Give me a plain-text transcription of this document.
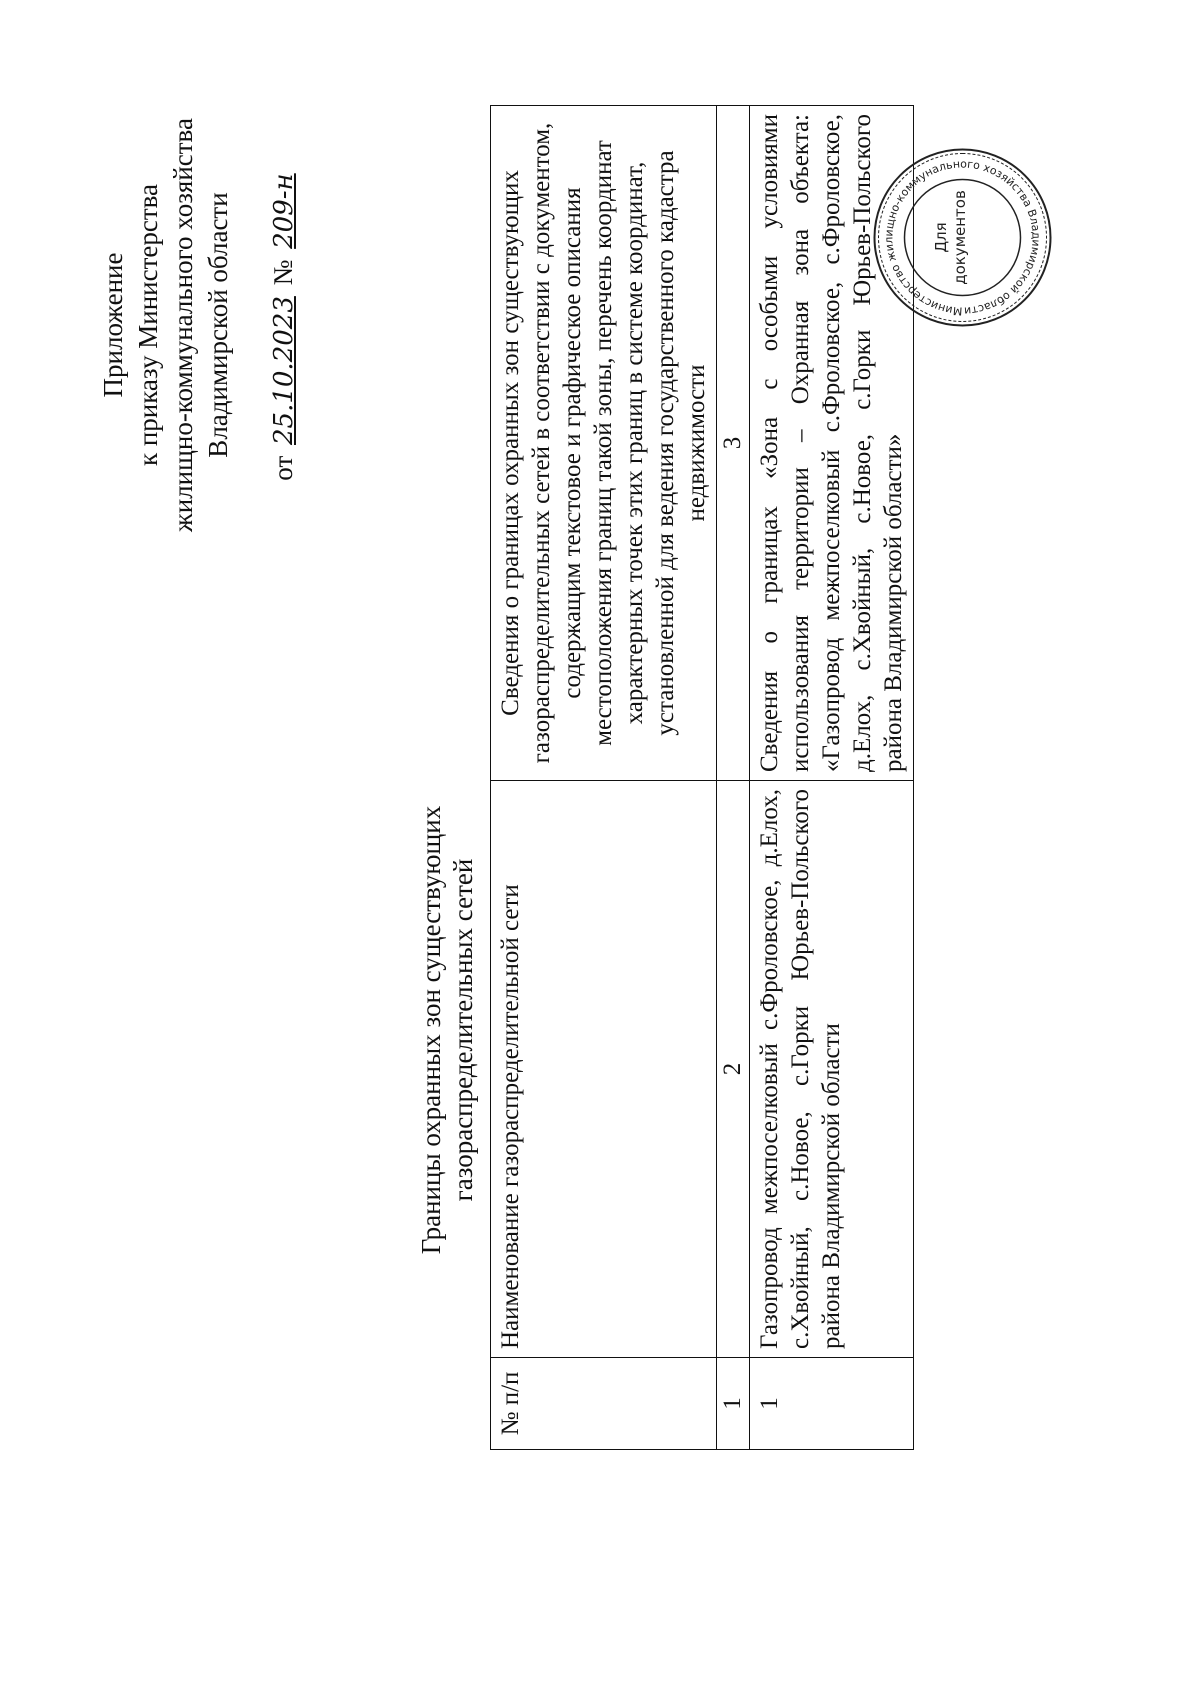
Приложение к приказу Министерства жилищно-коммунального хозяйства Владимирской области
от 25.10.2023 № 209-н
Границы охранных зон существующих газораспределительных сетей
№ п/п	Наименование газораспределительной сети	Сведения о границах охранных зон существующих газораспределительных сетей в соответствии с документом, содержащим текстовое и графическое описания местоположения границ такой зоны, перечень координат характерных точек этих границ в системе координат, установленной для ведения государственного кадастра недвижимости
1	2	3
1	Газопровод межпоселковый с.Фроловское, д.Елох, с.Хвойный, с.Новое, с.Горки Юрьев-Польского района Владимирской области	Сведения о границах «Зона с особыми условиями использования территории – Охранная зона объекта: «Газопровод межпоселковый с.Фроловское, с.Фроловское, д.Елох, с.Хвойный, с.Новое, с.Горки Юрьев-Польского района Владимирской области»
Министерство жилищно-коммунального хозяйства Владимирской области
Для документов
